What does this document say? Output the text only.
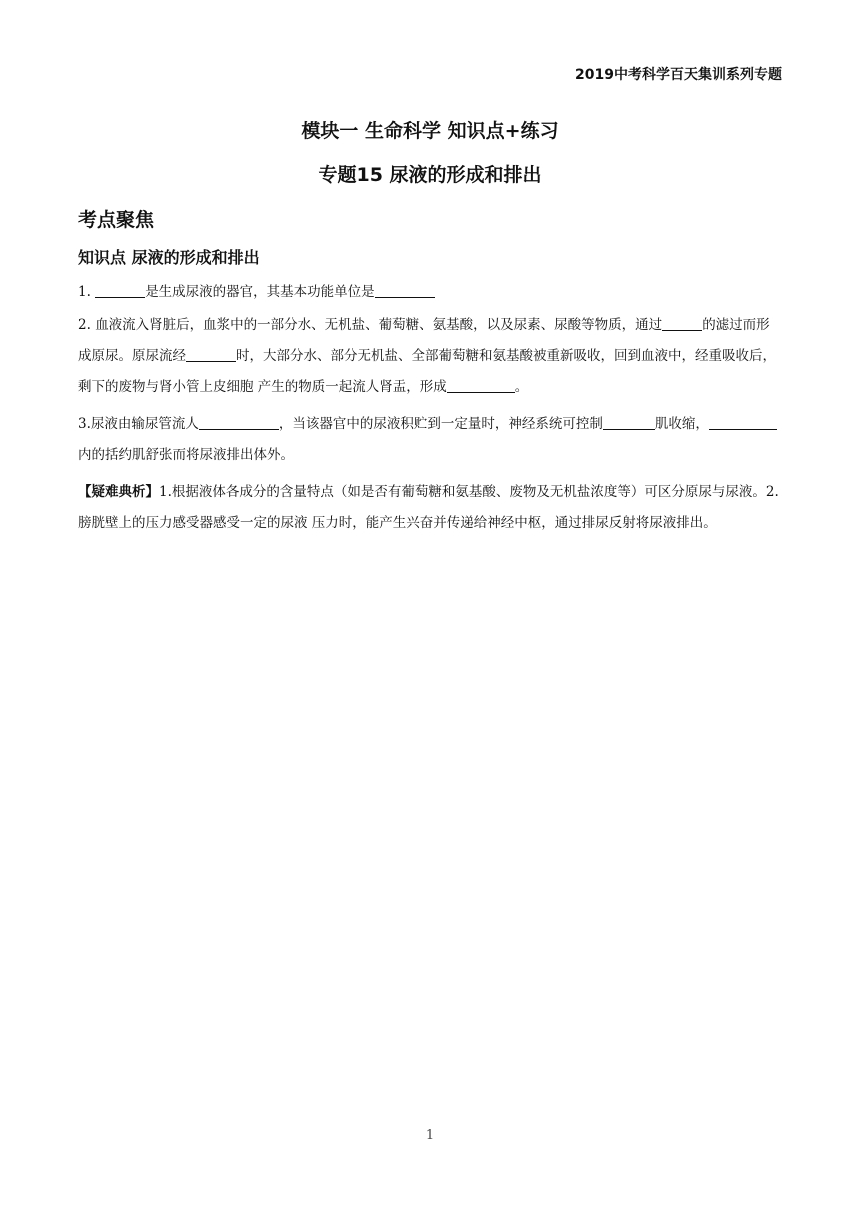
2019中考科学百天集训系列专题
模块一 生命科学 知识点+练习
专题15 尿液的形成和排出
考点聚焦
知识点 尿液的形成和排出
1.	是生成尿液的器官，其基本功能单位是
2. 血液流入肾脏后，血浆中的一部分水、无机盐、葡萄糖、氨基酸，以及尿素、尿酸等物质，通过	的滤过而形成原尿。原尿流经	时，大部分水、部分无机盐、全部葡萄糖和氨基酸被重新吸收，回到血液中，经重吸收后，剩下的废物与肾小管上皮细胞 产生的物质一起流人肾盂，形成	。
3.尿液由输尿管流人	，当该器官中的尿液积贮到一定量时，神经系统可控制	肌收缩，内的括约肌舒张而将尿液排出体外。
【疑难典析】1.根据液体各成分的含量特点（如是否有葡萄糖和氨基酸、废物及无机盐浓度等）可区分原尿与尿液。2.膀胱壁上的压力感受器感受一定的尿液 压力时，能产生兴奋并传递给神经中枢，通过排尿反射将尿液排出。
1
